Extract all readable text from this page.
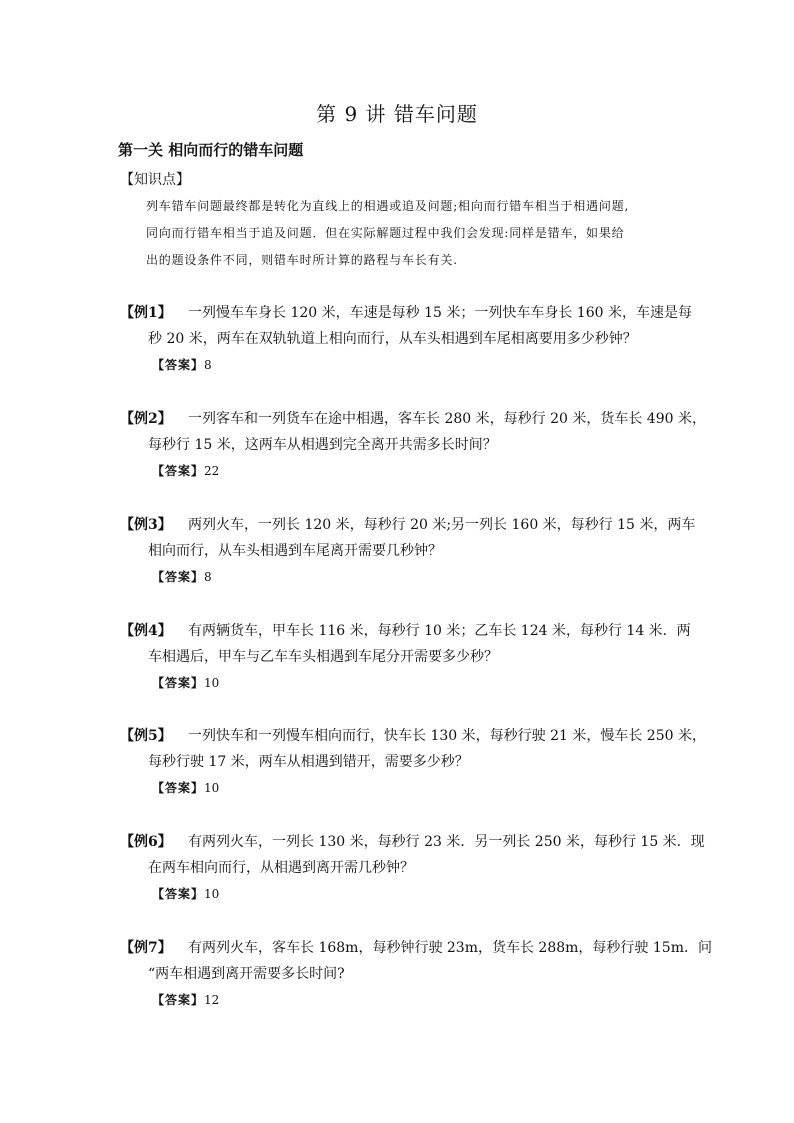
第 9 讲 错车问题
第一关 相向而行的错车问题
【知识点】
列车错车问题最终都是转化为直线上的相遇或追及问题;相向而行错车相当于相遇问题,
同向而行错车相当于追及问题．但在实际解题过程中我们会发现:同样是错车，如果给
出的题设条件不同，则错车时所计算的路程与车长有关.
【例1】 一列慢车车身长 120 米，车速是每秒 15 米；一列快车车身长 160 米，车速是每
秒 20 米，两车在双轨轨道上相向而行，从车头相遇到车尾相离要用多少秒钟？
【答案】8
【例2】 一列客车和一列货车在途中相遇，客车长 280 米，每秒行 20 米，货车长 490 米，
每秒行 15 米，这两车从相遇到完全离开共需多长时间？
【答案】22
【例3】 两列火车，一列长 120 米，每秒行 20 米;另一列长 160 米，每秒行 15 米，两车
相向而行，从车头相遇到车尾离开需要几秒钟？
【答案】8
【例4】 有两辆货车，甲车长 116 米，每秒行 10 米；乙车长 124 米，每秒行 14 米．两
车相遇后，甲车与乙车车头相遇到车尾分开需要多少秒？
【答案】10
【例5】 一列快车和一列慢车相向而行，快车长 130 米，每秒行驶 21 米，慢车长 250 米，
每秒行驶 17 米，两车从相遇到错开，需要多少秒？
【答案】10
【例6】 有两列火车，一列长 130 米，每秒行 23 米．另一列长 250 米，每秒行 15 米．现
在两车相向而行，从相遇到离开需几秒钟？
【答案】10
【例7】 有两列火车，客车长 168m，每秒钟行驶 23m，货车长 288m，每秒行驶 15m．问
“两车相遇到离开需要多长时间?
【答案】12
